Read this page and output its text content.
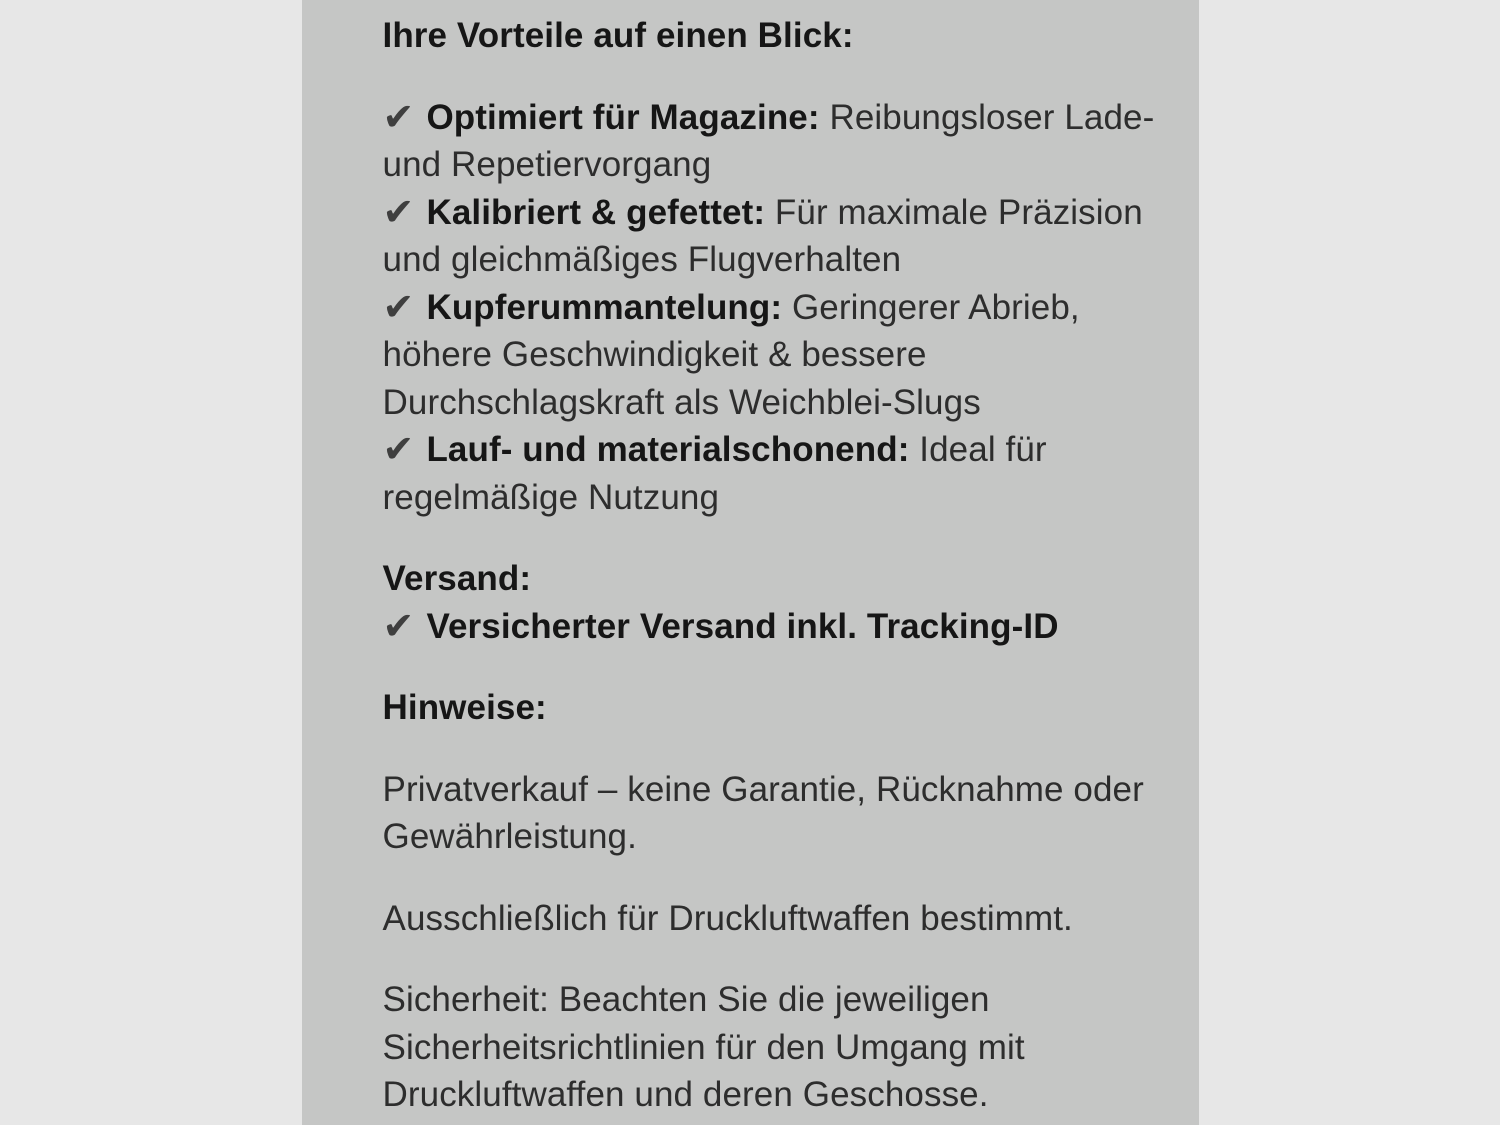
Ihre Vorteile auf einen Blick:
✔ Optimiert für Magazine: Reibungsloser Lade- und Repetiervorgang
✔ Kalibriert & gefettet: Für maximale Präzision und gleichmäßiges Flugverhalten
✔ Kupferummantelung: Geringerer Abrieb, höhere Geschwindigkeit & bessere Durchschlagskraft als Weichblei-Slugs
✔ Lauf- und materialschonend: Ideal für regelmäßige Nutzung
Versand:
✔ Versicherter Versand inkl. Tracking-ID
Hinweise:
Privatverkauf – keine Garantie, Rücknahme oder Gewährleistung.
Ausschließlich für Druckluftwaffen bestimmt.
Sicherheit: Beachten Sie die jeweiligen Sicherheitsrichtlinien für den Umgang mit Druckluftwaffen und deren Geschosse.
